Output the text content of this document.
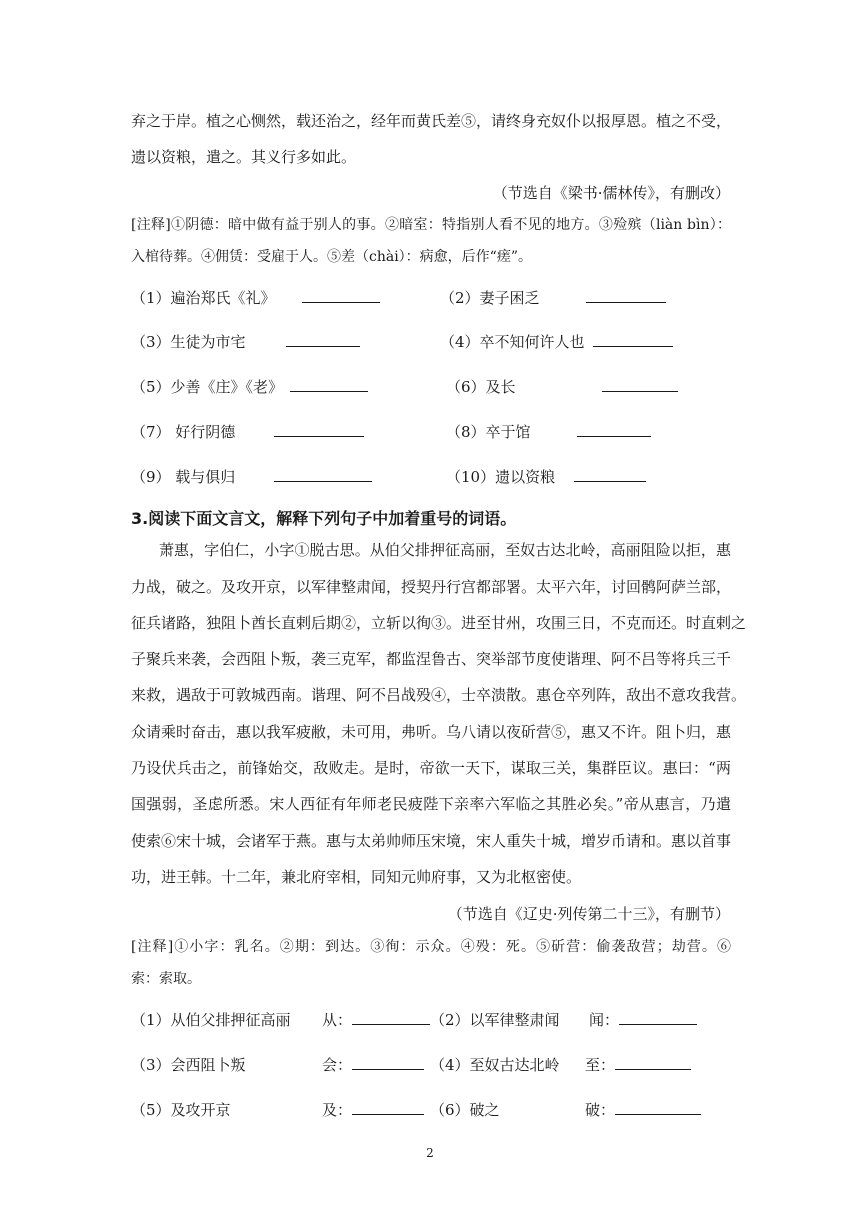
弃之于岸。植之心恻然，载还治之，经年而黄氏差⑤，请终身充奴仆以报厚恩。植之不受，
遗以资粮，遣之。其义行多如此。
（节选自《梁书·儒林传》，有删改）
[注释]①阴德：暗中做有益于别人的事。②暗室：特指别人看不见的地方。③殓殡（liàn bìn）：
入棺待葬。④佣赁：受雇于人。⑤差（chài）：病愈，后作“瘥”。
（1）遍治郑氏《礼》	（2）妻子困乏
（3）生徒为市宅	（4）卒不知何许人也
（5）少善《庄》《老》	（6）及长
（7） 好行阴德	（8）卒于馆
（9） 载与俱归	（10）遗以资粮
3.阅读下面文言文，解释下列句子中加着重号的词语。
萧惠，字伯仁，小字①脱古思。从伯父排押征高丽，至奴古达北岭，高丽阻险以拒，惠
力战，破之。及攻开京，以军律整肃闻，授契丹行宫都部署。太平六年，讨回鹘阿萨兰部，
征兵诸路，独阻卜酋长直剌后期②，立斩以徇③。进至甘州，攻围三日，不克而还。时直剌之
子聚兵来袭，会西阻卜叛，袭三克军，都监涅鲁古、突举部节度使谐理、阿不吕等将兵三千
来救，遇敌于可敦城西南。谐理、阿不吕战殁④，士卒溃散。惠仓卒列阵，敌出不意攻我营。
众请乘时奋击，惠以我军疲敝，未可用，弗听。乌八请以夜斫营⑤，惠又不许。阻卜归，惠
乃设伏兵击之，前锋始交，敌败走。是时，帝欲一天下，谋取三关，集群臣议。惠曰：“两
国强弱，圣虑所悉。宋人西征有年师老民疲陛下亲率六军临之其胜必矣。”帝从惠言，乃遣
使索⑥宋十城，会诸军于燕。惠与太弟帅师压宋境，宋人重失十城，增岁币请和。惠以首事
功，进王韩。十二年，兼北府宰相，同知元帅府事，又为北枢密使。
（节选自《辽史·列传第二十三》，有删节）
[注释]①小字：乳名。②期：到达。③徇：示众。④殁：死。⑤斫营：偷袭敌营；劫营。⑥
索：索取。
（1）从伯父排押征高丽 从：	（2）以军律整肃闻 闻：
（3）会西阻卜叛	会：	（4）至奴古达北岭 至：
（5）及攻开京	及：	（6）破之	破：
2
